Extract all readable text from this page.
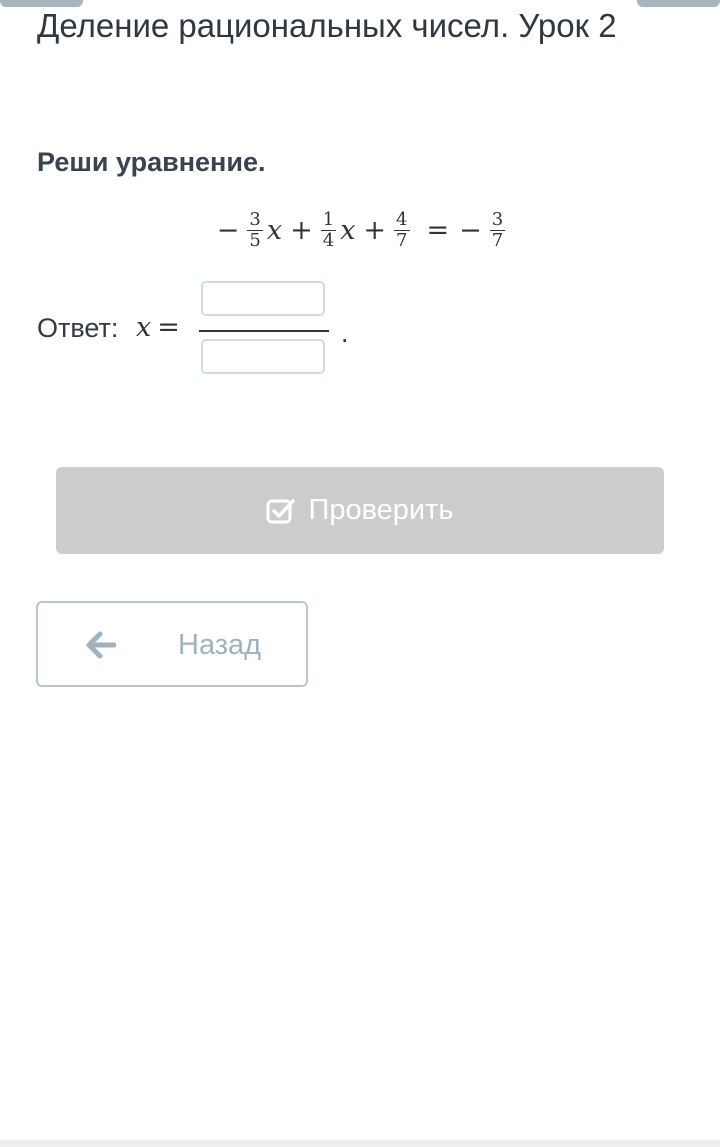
Деление рациональных чисел. Урок 2
Реши уравнение.
− $\frac{3}{5}$ $x + \frac{1}{4}$ $x + \frac{4}{7}$ = − $\frac{3}{7}$
Ответ: x =	.
Проверить
Назад
